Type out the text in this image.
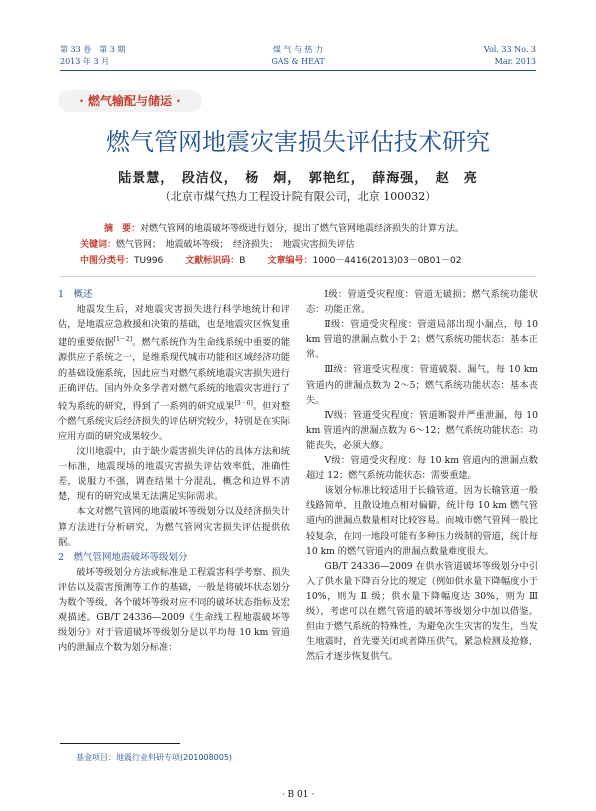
第 33 卷　第 3 期
2013 年 3 月
煤 气 与 热 力
GAS & HEAT
Vol. 33 No. 3
Mar. 2013
· 燃气输配与储运 ·
燃气管网地震灾害损失评估技术研究
陆景慧，　段洁仪，　杨　炯，　郭艳红，　薛海强，　赵　亮
（北京市煤气热力工程设计院有限公司，北京 100032）
摘　要：对燃气管网的地震破坏等级进行划分，提出了燃气管网地震经济损失的计算方法。
关键词：燃气管网；　地震破坏等级；　经济损失；　地震灾害损失评估
中图分类号：TU996 文献标识码：B 文章编号：1000－4416(2013)03－0B01－02
1　概述

地震发生后，对地震灾害损失进行科学地统计和评估，是地震应急救援和决策的基础，也是地震灾区恢复重建的重要依据[1－2]。燃气系统作为生命线系统中重要的能源供应子系统之一，是维系现代城市功能和区域经济功能的基础设施系统，因此应当对燃气系统地震灾害损失进行正确评估。国内外众多学者对燃气系统的地震灾害进行了较为系统的研究，得到了一系列的研究成果[3－6]。但对整个燃气系统灾后经济损失的评估研究较少，特别是在实际应用方面的研究成果较少。

汶川地震中，由于缺少震害损失评估的具体方法和统一标准，地震现场的地震灾害损失评估效率低，准确性差，说服力不强，调查结果十分混乱，概念和边界不清楚，现有的研究成果无法满足实际需求。

本文对燃气管网的地震破坏等级划分以及经济损失计算方法进行分析研究，为燃气管网灾害损失评估提供依据。

2　燃气管网地震破坏等级划分

破坏等级划分方法或标准是工程震害科学考察、损失评估以及震害预测等工作的基础，一般是将破坏状态划分为数个等级，各个破坏等级对应不同的破坏状态指标及宏观描述。GB/T 24336—2009《生命线工程地震破坏等级划分》对于管道破坏等级划分是以平均每 10 km 管道内的泄漏点个数为划分标准：

Ⅰ级：管道受灾程度：管道无破损；燃气系统功能状态：功能正常。

Ⅱ级：管道受灾程度：管道局部出现小漏点，每 10 km 管道的泄漏点数小于 2；燃气系统功能状态：基本正常。

Ⅲ级：管道受灾程度：管道破裂、漏气，每 10 km 管道内的泄漏点数为 2～5；燃气系统功能状态：基本丧失。

Ⅳ级：管道受灾程度：管道断裂并严重泄漏，每 10 km 管道内的泄漏点数为 6～12；燃气系统功能状态：功能丧失，必须大修。

Ⅴ级：管道受灾程度：每 10 km 管道内的泄漏点数超过 12；燃气系统功能状态：需要重建。

该划分标准比较适用于长输管道，因为长输管道一般线路简单，且散设地点相对偏僻，统计每 10 km 燃气管道内的泄漏点数量相对比较容易。而城市燃气管网一般比较复杂，在同一地段可能有多种压力级制的管道，统计每 10 km 的燃气管道内的泄漏点数量难度很大。

GB/T 24336—2009 在供水管道破坏等级划分中引入了供水量下降百分比的规定（例如供水量下降幅度小于 10%，则为 Ⅱ 级；供水量下降幅度达 30%，则为 Ⅲ 级），考虑可以在燃气管道的破坏等级划分中加以借鉴。但由于燃气系统的特殊性，为避免次生灾害的发生，当发生地震时，首先要关闭或者降压供气，紧急检测及抢修，然后才逐步恢复供气。

基金项目：地震行业科研专项(201008005)
· B 01 ·
